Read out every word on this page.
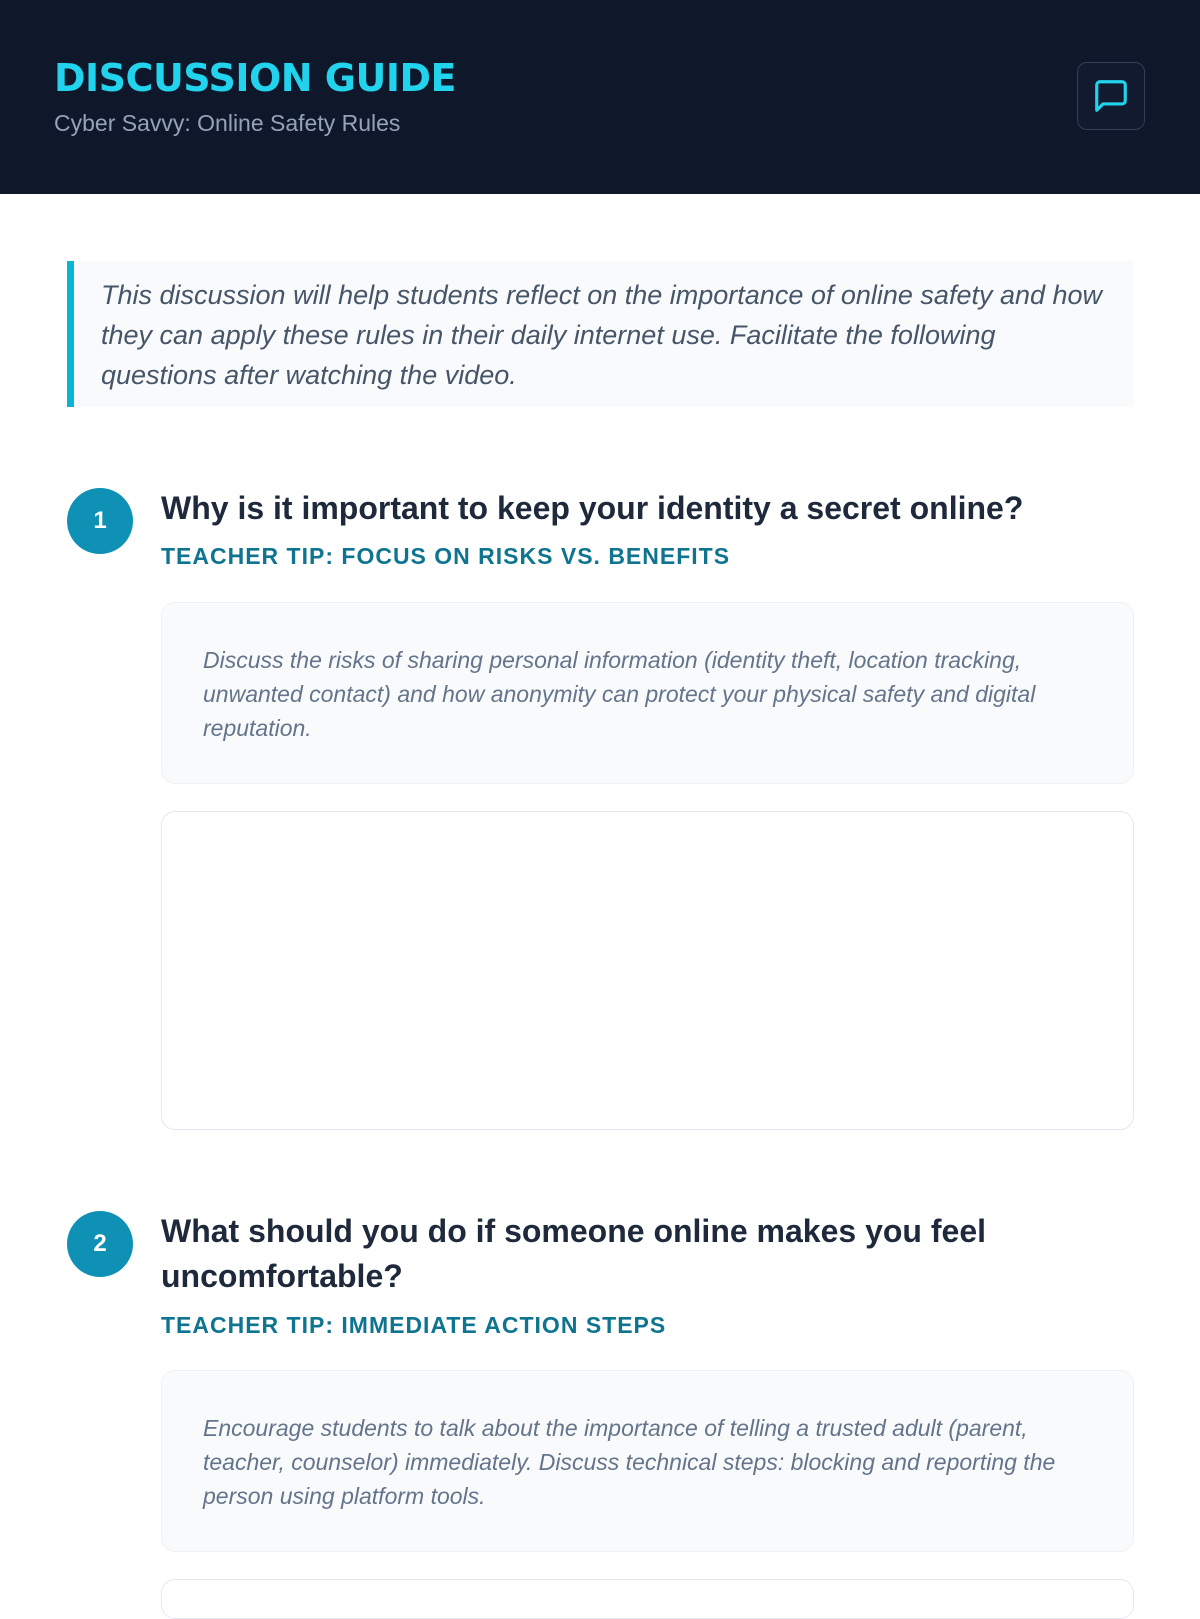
DISCUSSION GUIDE
Cyber Savvy: Online Safety Rules
This discussion will help students reflect on the importance of online safety and how they can apply these rules in their daily internet use. Facilitate the following questions after watching the video.
1	Why is it important to keep your identity a secret online?
TEACHER TIP: FOCUS ON RISKS VS. BENEFITS
Discuss the risks of sharing personal information (identity theft, location tracking, unwanted contact) and how anonymity can protect your physical safety and digital reputation.
2	What should you do if someone online makes you feel uncomfortable?
TEACHER TIP: IMMEDIATE ACTION STEPS
Encourage students to talk about the importance of telling a trusted adult (parent, teacher, counselor) immediately. Discuss technical steps: blocking and reporting the person using platform tools.
